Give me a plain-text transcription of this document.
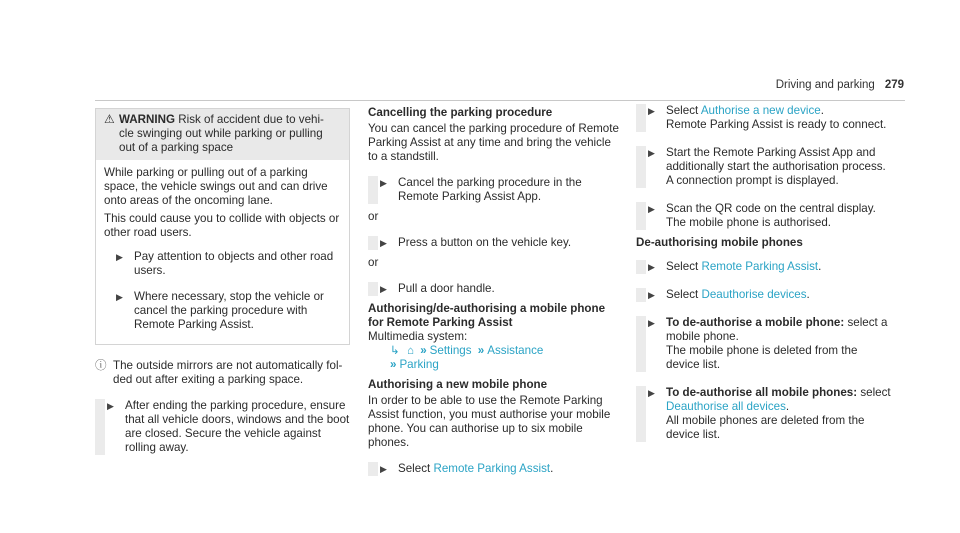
Driving and parking 279
⚠ WARNING Risk of accident due to vehi-
cle swinging out while parking or pulling
out of a parking space

While parking or pulling out of a parking space, the vehicle swings out and can drive onto areas of the oncoming lane.

This could cause you to collide with objects or other road users.

▶ Pay attention to objects and other road users.
▶ Where necessary, stop the vehicle or cancel the parking procedure with Remote Parking Assist.
ⓘ The outside mirrors are not automatically fol-ded out after exiting a parking space.
▶ After ending the parking procedure, ensure that all vehicle doors, windows and the boot are closed. Secure the vehicle against rolling away.
Cancelling the parking procedure

You can cancel the parking procedure of Remote Parking Assist at any time and bring the vehicle to a standstill.

▶ Cancel the parking procedure in the Remote Parking Assist App.

or

▶ Press a button on the vehicle key.

or

▶ Pull a door handle.
Authorising/de-authorising a mobile phone
for Remote Parking Assist

Multimedia system:

↳ ⌂ » Settings » Assistance
» Parking
Authorising a new mobile phone

In order to be able to use the Remote Parking Assist function, you must authorise your mobile phone. You can authorise up to six mobile phones.

▶ Select Remote Parking Assist.
▶ Select Authorise a new device.
Remote Parking Assist is ready to connect.
▶ Start the Remote Parking Assist App and additionally start the authorisation process. A connection prompt is displayed.
▶ Scan the QR code on the central display. The mobile phone is authorised.
De-authorising mobile phones
▶ Select Remote Parking Assist.
▶ Select Deauthorise devices.
▶ To de-authorise a mobile phone: select a mobile phone.
The mobile phone is deleted from the device list.
▶ To de-authorise all mobile phones: select
Deauthorise all devices.
All mobile phones are deleted from the device list.
